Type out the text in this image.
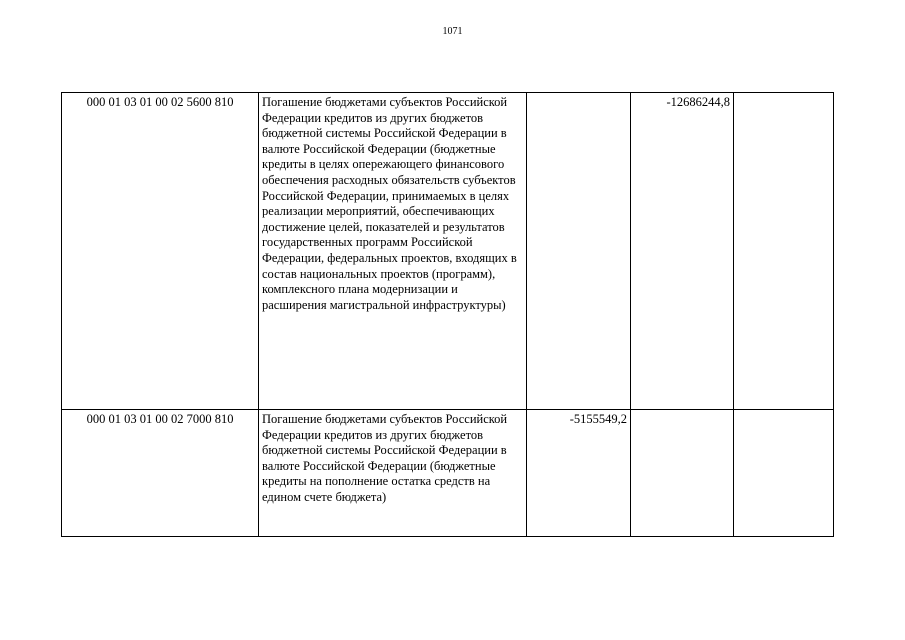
1071
000 01 03 01 00 02 5600 810	Погашение бюджетами субъектов Российской Федерации кредитов из других бюджетов бюджетной системы Российской Федерации в валюте Российской Федерации (бюджетные кредиты в целях опережающего финансового обеспечения расходных обязательств субъектов Российской Федерации, принимаемых в целях реализации мероприятий, обеспечивающих достижение целей, показателей и результатов государственных программ Российской Федерации, федеральных проектов, входящих в состав национальных проектов (программ), комплексного плана модернизации и расширения магистральной инфраструктуры)		-12686244,8	
000 01 03 01 00 02 7000 810	Погашение бюджетами субъектов Российской Федерации кредитов из других бюджетов бюджетной системы Российской Федерации в валюте Российской Федерации (бюджетные кредиты на пополнение остатка средств на едином счете бюджета)	-5155549,2		
